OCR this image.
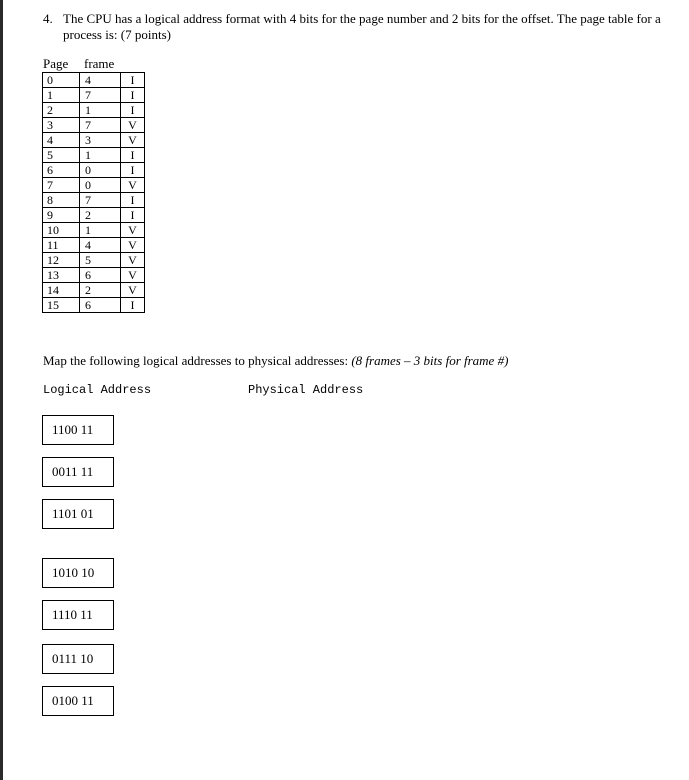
4. The CPU has a logical address format with 4 bits for the page number and 2 bits for the offset. The page table for a process is: (7 points)
Page frame
0	4	I
1	7	I
2	1	I
3	7	V
4	3	V
5	1	I
6	0	I
7	0	V
8	7	I
9	2	I
10	1	V
11	4	V
12	5	V
13	6	V
14	2	V
15	6	I
Map the following logical addresses to physical addresses: (8 frames – 3 bits for frame #)
Logical Address	Physical Address
1100 11
0011 11
1101 01
1010 10
1110 11
0111 10
0100 11
